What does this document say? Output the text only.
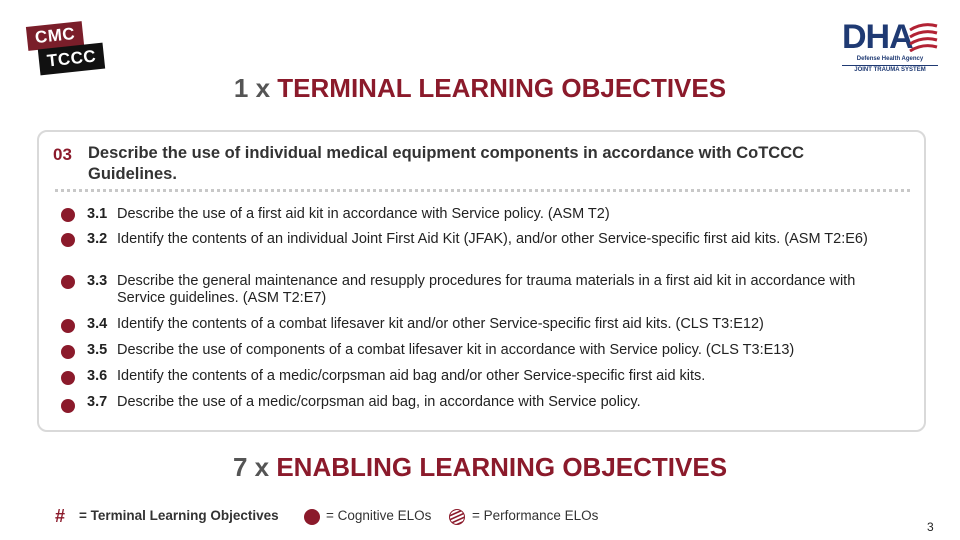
CMC
TCCC
DHA
Defense Health Agency
JOINT TRAUMA SYSTEM
1 x TERMINAL LEARNING OBJECTIVES
03 Describe the use of individual medical equipment components in accordance with CoTCCC Guidelines.
3.1 Describe the use of a first aid kit in accordance with Service policy. (ASM T2)
3.2 Identify the contents of an individual Joint First Aid Kit (JFAK), and/or other Service-specific first aid kits. (ASM T2:E6)
3.3 Describe the general maintenance and resupply procedures for trauma materials in a first aid kit in accordance with Service guidelines. (ASM T2:E7)
3.4 Identify the contents of a combat lifesaver kit and/or other Service-specific first aid kits. (CLS T3:E12)
3.5 Describe the use of components of a combat lifesaver kit in accordance with Service policy. (CLS T3:E13)
3.6 Identify the contents of a medic/corpsman aid bag and/or other Service-specific first aid kits.
3.7 Describe the use of a medic/corpsman aid bag, in accordance with Service policy.
7 x ENABLING LEARNING OBJECTIVES
# = Terminal Learning Objectives	= Cognitive ELOs	= Performance ELOs
3
